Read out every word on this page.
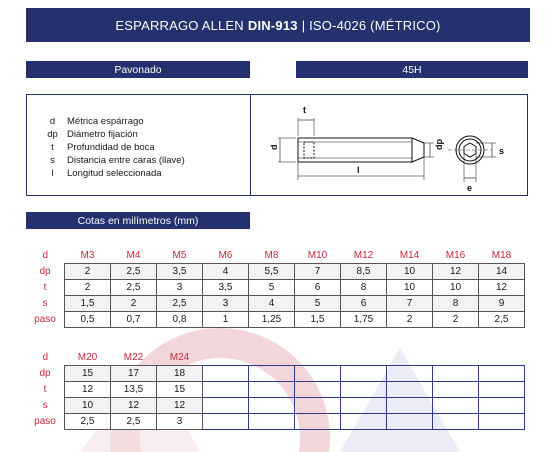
ESPARRAGO ALLEN DIN-913 | ISO-4026 (MÉTRICO)
Pavonado	45H
d	Métrica espárrago
dp Diámetro fijación
t	Profundidad de boca
s	Distancia entre caras (llave)
l	Longitud seleccionada
t
d	dp
l
s
e
Cotas en milímetros (mm)
d	M3	M4	M5	M6	M8	M10	M12	M14	M16	M18
dp	2	2,5	3,5	4	5,5	7	8,5	10	12	14
t	2	2,5	3	3,5	5	6	8	10	10	12
s	1,5	2	2,5	3	4	5	6	7	8	9
paso	0,5	0,7	0,8	1	1,25	1,5	1,75	2	2	2,5
d	M20	M22	M24							
dp	15	17	18							
t	12	13,5	15							
s	10	12	12							
paso	2,5	2,5	3							
